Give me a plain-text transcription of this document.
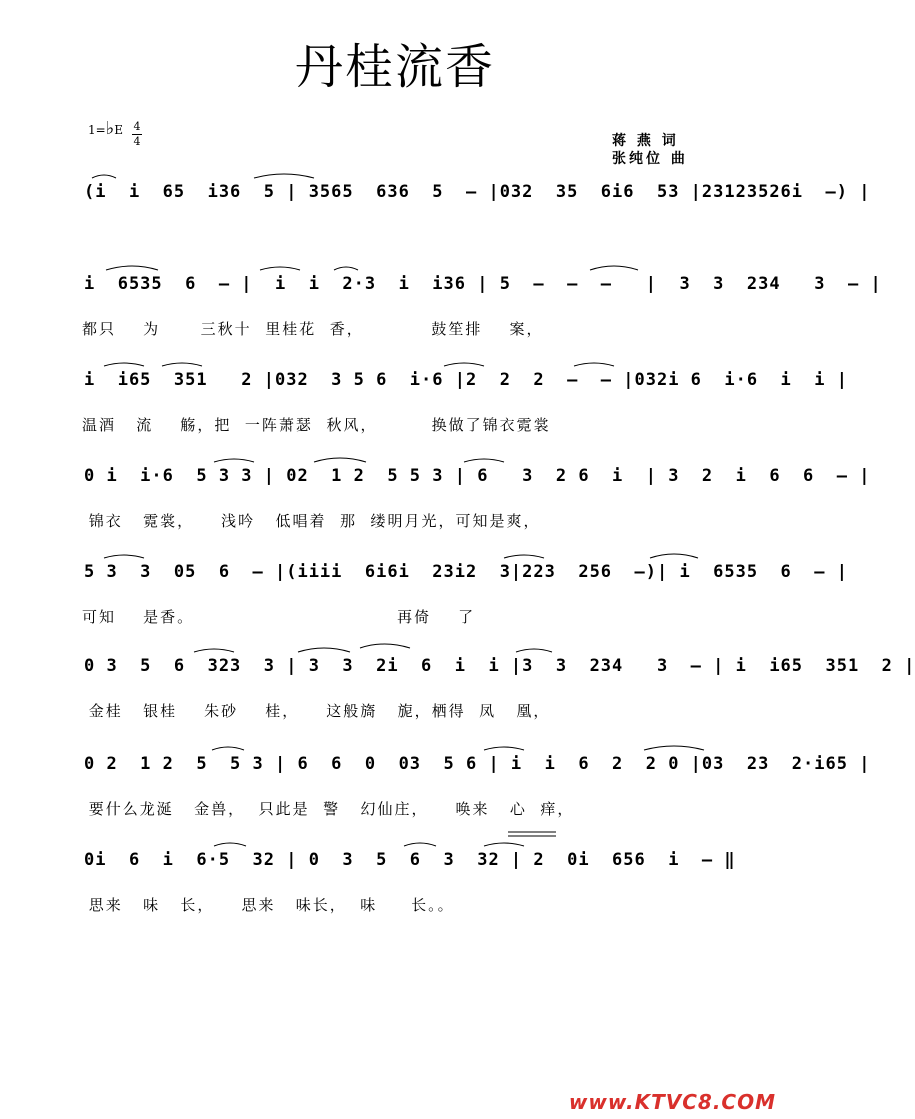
丹桂流香
1=♭E 4
4	蒋 燕 词
张纯位 曲
(i  i  65  i36  5 | 3565  636  5  – |032  35  6i6  53 |23123526i  –) |
i  6535  6  – |  i  i  2·3  i  i36 | 5  –  –  –   |  3  3  234   3  – |
都只    为      三秋十  里桂花  香，          鼓笙排    案，
i  i65  351   2 |032  3 5 6  i·6 |2  2  2  –  – |032i 6  i·6  i  i |
温酒   流    觞，把  一阵萧瑟  秋风，        换做了锦衣霓裳
0 i  i·6  5 3 3 | 02  1 2  5 5 3 | 6   3  2 6  i  | 3  2  i  6  6  – |
锦衣   霓裳，    浅吟   低唱着  那  缕明月光，可知是爽，
5 3  3  05  6  – |(iiii  6i6i  23i2  3|223  256  –)| i  6535  6  – |
可知    是香。                              再倚    了
0 3  5  6  323  3 | 3  3  2i  6  i  i |3  3  234   3  – | i  i65  351  2 |
金桂   银桂    朱砂    桂，    这般旖   旎，栖得  凤   凰，
0 2  1 2  5  5 3 | 6  6  0  03  5 6 | i  i  6  2  2 0 |03  23  2·i65 |
要什么龙涎   金兽，  只此是  警   幻仙庄，    唤来   心  痒，
0i  6  i  6·5  32 | 0  3  5  6  3  32 | 2  0i  656  i  – ‖
思来   味   长，    思来   味长，  味     长。。
www.KTVC8.COM
